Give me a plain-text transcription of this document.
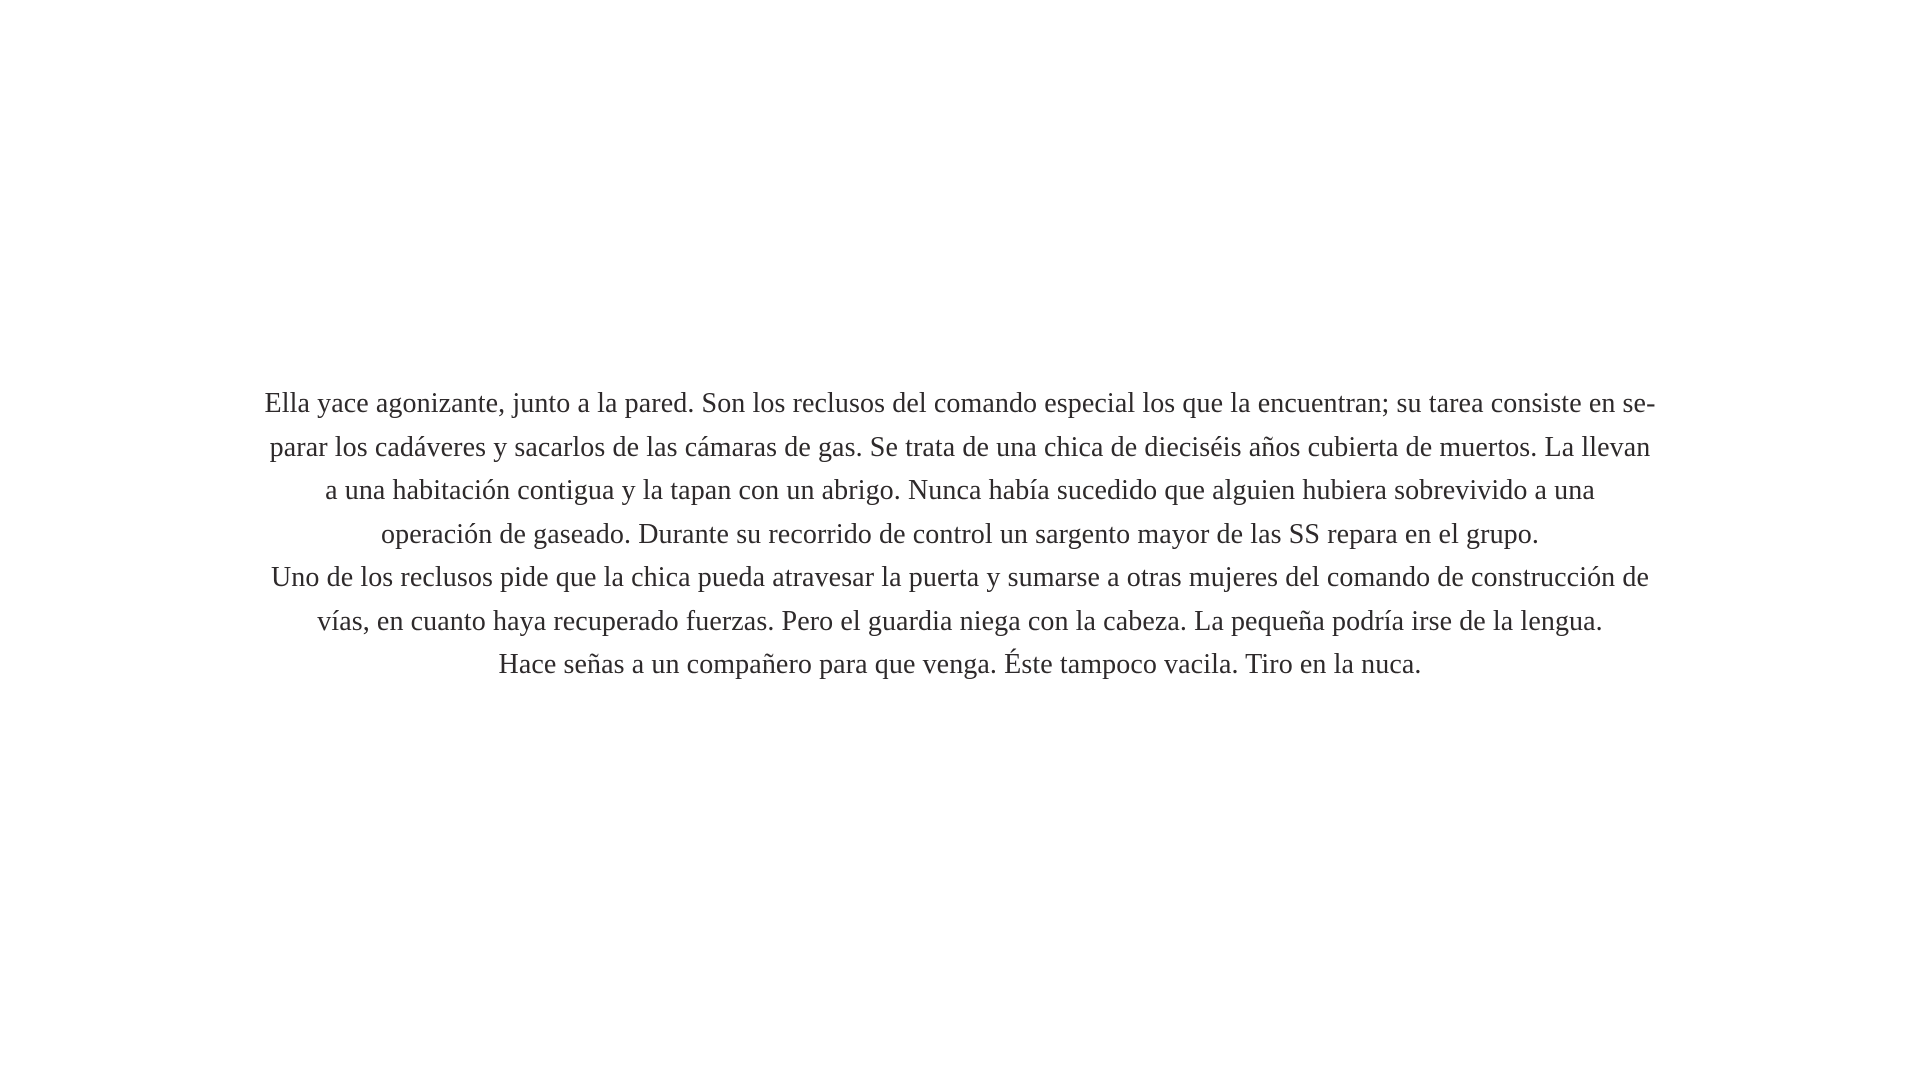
Ella yace agonizante, junto a la pared. Son los reclusos del comando especial los que la encuentran; su tarea consiste en se-
parar los cadáveres y sacarlos de las cámaras de gas. Se trata de una chica de dieciséis años cubierta de muertos. La llevan
a una habitación contigua y la tapan con un abrigo. Nunca había sucedido que alguien hubiera sobrevivido a una
operación de gaseado. Durante su recorrido de control un sargento mayor de las SS repara en el grupo.
Uno de los reclusos pide que la chica pueda atravesar la puerta y sumarse a otras mujeres del comando de construcción de
vías, en cuanto haya recuperado fuerzas. Pero el guardia niega con la cabeza. La pequeña podría irse de la lengua.
Hace señas a un compañero para que venga. Éste tampoco vacila. Tiro en la nuca.
